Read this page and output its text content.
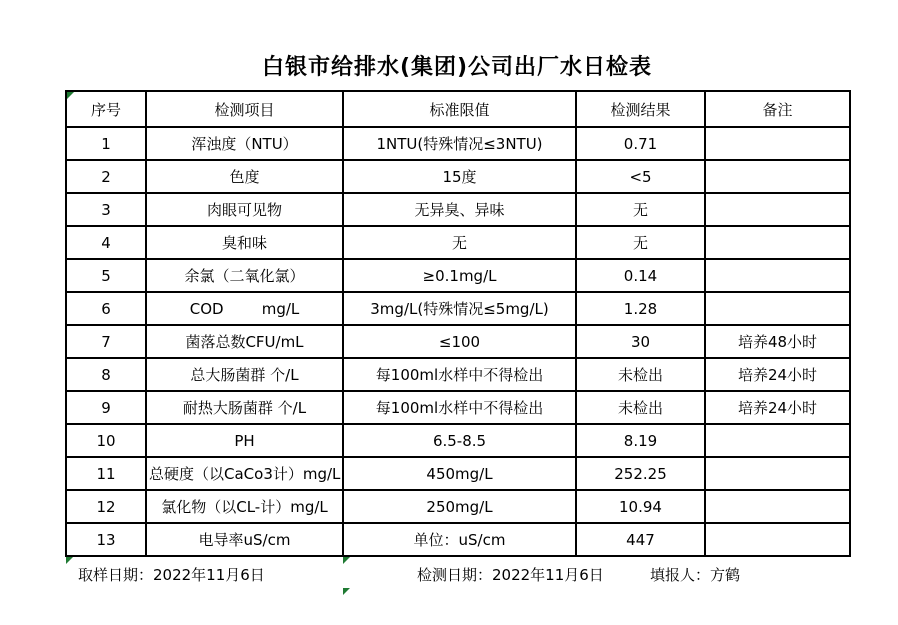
白银市给排水(集团)公司出厂水日检表
序号	检测项目	标准限值	检测结果	备注
1	浑浊度（NTU）	1NTU(特殊情况≤3NTU)	0.71	
2	色度	15度	<5	
3	肉眼可见物	无异臭、异味	无	
4	臭和味	无	无	
5	余氯（二氧化氯）	≥0.1mg/L	0.14	
6	COD        mg/L	3mg/L(特殊情况≤5mg/L)	1.28	
7	菌落总数CFU/mL	≤100	30	培养48小时
8	总大肠菌群 个/L	每100ml水样中不得检出	未检出	培养24小时
9	耐热大肠菌群 个/L	每100ml水样中不得检出	未检出	培养24小时
10	PH	6.5-8.5	8.19	
11	总硬度（以CaCo3计）mg/L	450mg/L	252.25	
12	氯化物（以CL-计）mg/L	250mg/L	10.94	
13	电导率uS/cm	单位：uS/cm	447	
取样日期：2022年11月6日	检测日期：2022年11月6日	填报人：方鹤
